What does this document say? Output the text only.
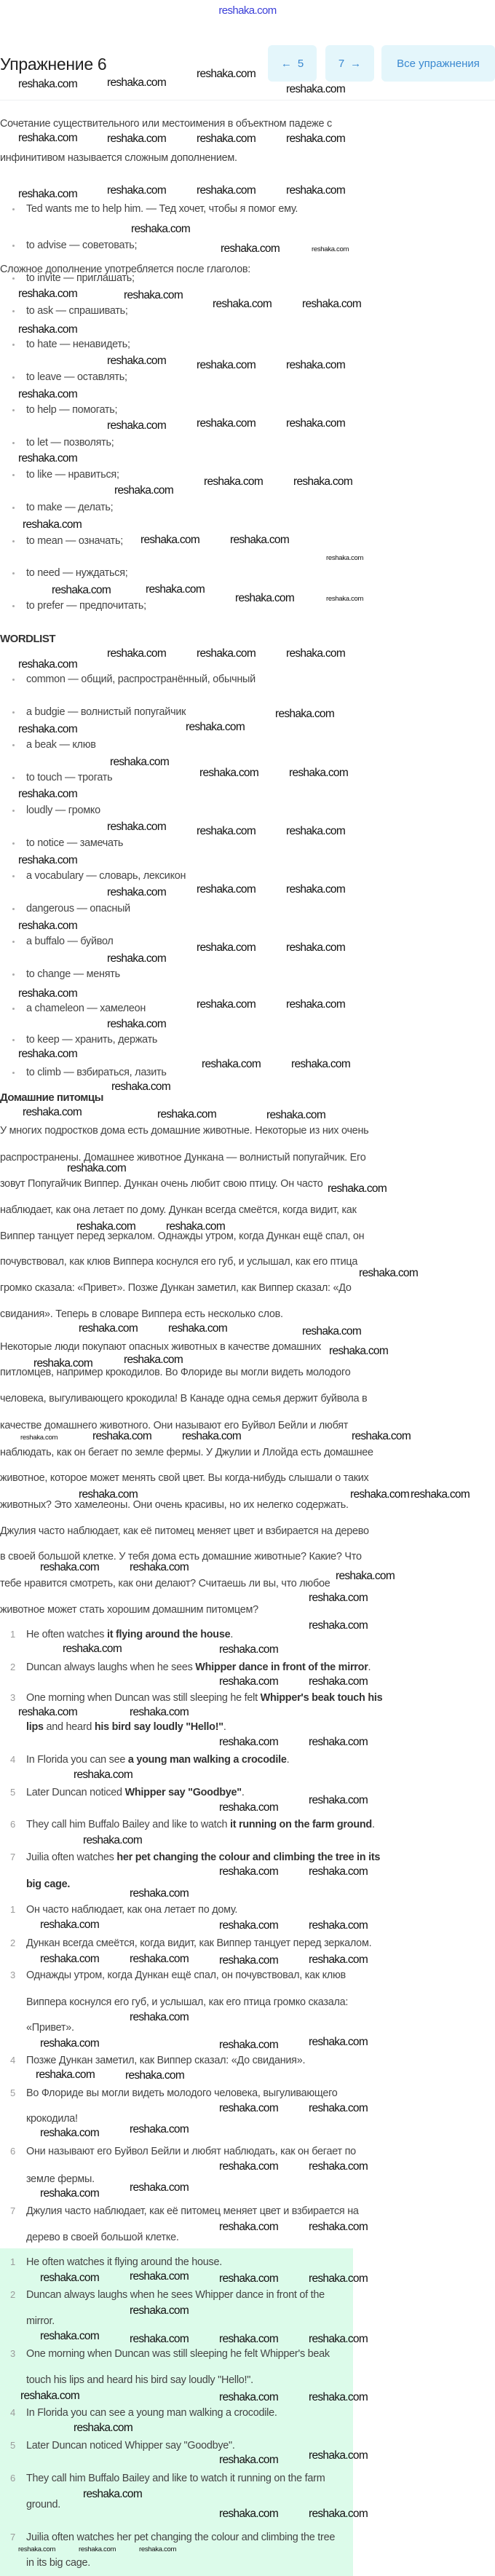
reshaka.com
Упражнение 6	← 5	7 →	Все упражнения
Сочетание существительного или местоимения в объектном падеже с
инфинитивом называется сложным дополнением.
Ted wants me to help him. — Тед хочет, чтобы я помог ему.
Сложное дополнение употребляется после глаголов:
to advise — советовать;
to invite — приглашать;
to ask — спрашивать;
to hate — ненавидеть;
to leave — оставлять;
to help — помогать;
to let — позволять;
to like — нравиться;
to make — делать;
to mean — означать;
to need — нуждаться;
to prefer — предпочитать;
WORDLIST
common — общий, распространённый, обычный
a budgie — волнистый попугайчик
a beak — клюв
to touch — трогать
loudly — громко
to notice — замечать
a vocabulary — словарь, лексикон
dangerous — опасный
a buffalo — буйвол
to change — менять
a chameleon — хамелеон
to keep — хранить, держать
to climb — взбираться, лазить
Домашние питомцы
У многих подростков дома есть домашние животные. Некоторые из них очень
распространены. Домашнее животное Дункана — волнистый попугайчик. Его
зовут Попугайчик Виппер. Дункан очень любит свою птицу. Он часто
наблюдает, как она летает по дому. Дункан всегда смеётся, когда видит, как
Виппер танцует перед зеркалом. Однажды утром, когда Дункан ещё спал, он
почувствовал, как клюв Виппера коснулся его губ, и услышал, как его птица
громко сказала: «Привет». Позже Дункан заметил, как Виппер сказал: «До
свидания». Теперь в словаре Виппера есть несколько слов.
Некоторые люди покупают опасных животных в качестве домашних
питломцев, например крокодилов. Во Флориде вы могли видеть молодого
человека, выгуливающего крокодила! В Канаде одна семья держит буйвола в
качестве домашнего животного. Они называют его Буйвол Бейли и любят
наблюдать, как он бегает по земле фермы. У Джулии и Ллойда есть домашнее
животное, которое может менять свой цвет. Вы когда-нибудь слышали о таких
животных? Это хамелеоны. Они очень красивы, но их нелегко содержать.
Джулия часто наблюдает, как её питомец меняет цвет и взбирается на дерево
в своей большой клетке. У тебя дома есть домашние животные? Какие? Что
тебе нравится смотреть, как они делают? Считаешь ли вы, что любое
животное может стать хорошим домашним питомцем?
1 He often watches it flying around the house.
2 Duncan always laughs when he sees Whipper dance in front of the mirror.
3 One morning when Duncan was still sleeping he felt Whipper's beak touch his
lips and heard his bird say loudly "Hello!".
4 In Florida you can see a young man walking a crocodile.
5 Later Duncan noticed Whipper say "Goodbye".
6 They call him Buffalo Bailey and like to watch it running on the farm ground.
7 Juilia often watches her pet changing the colour and climbing the tree in its
big cage.
1 Он часто наблюдает, как она летает по дому.
2 Дункан всегда смеётся, когда видит, как Виппер танцует перед зеркалом.
3 Однажды утром, когда Дункан ещё спал, он почувствовал, как клюв
Виппера коснулся его губ, и услышал, как его птица громко сказала:
«Привет».
4 Позже Дункан заметил, как Виппер сказал: «До свидания».
5 Во Флориде вы могли видеть молодого человека, выгуливающего
крокодила!
6 Они называют его Буйвол Бейли и любят наблюдать, как он бегает по
земле фермы.
7 Джулия часто наблюдает, как её питомец меняет цвет и взбирается на
дерево в своей большой клетке.
1 He often watches it flying around the house.
2 Duncan always laughs when he sees Whipper dance in front of the
mirror.
3 One morning when Duncan was still sleeping he felt Whipper's beak
touch his lips and heard his bird say loudly "Hello!".
4 In Florida you can see a young man walking a crocodile.
5 Later Duncan noticed Whipper say "Goodbye".
6 They call him Buffalo Bailey and like to watch it running on the farm
ground.
7 Juilia often watches her pet changing the colour and climbing the tree
in its big cage.
reshaka.com	reshaka.com
reshaka.com
reshaka.com
reshaka.com	reshaka.com	reshaka.com	reshaka.com
reshaka.com	reshaka.com	reshaka.com	reshaka.com
reshaka.com
reshaka.com	reshaka.com
reshaka.com	reshaka.com
reshaka.com	reshaka.com
reshaka.com
reshaka.com	reshaka.com	reshaka.com
reshaka.com
reshaka.com	reshaka.com	reshaka.com
reshaka.com
reshaka.com
reshaka.com	reshaka.com
reshaka.com
reshaka.com	reshaka.com
reshaka.com
reshaka.com	reshaka.com
reshaka.com	reshaka.com
reshaka.com	reshaka.com	reshaka.com
reshaka.com
reshaka.com
reshaka.com
reshaka.com
reshaka.com
reshaka.com	reshaka.com
reshaka.com
reshaka.com	reshaka.com	reshaka.com
reshaka.com
reshaka.com	reshaka.com	reshaka.com
reshaka.com
reshaka.com	reshaka.com
reshaka.com
reshaka.com
reshaka.com	reshaka.com
reshaka.com
reshaka.com
reshaka.com	reshaka.com
reshaka.com
reshaka.com	reshaka.com
reshaka.com
reshaka.com
reshaka.com
reshaka.com	reshaka.com
reshaka.com
reshaka.com	reshaka.com	reshaka.com
reshaka.com	reshaka.com
reshaka.com
reshaka.com	reshaka.com	reshaka.com	reshaka.com
reshaka.com	reshaka.com reshaka.com
reshaka.com	reshaka.com
reshaka.com
reshaka.com
reshaka.com
reshaka.com
reshaka.com
reshaka.com	reshaka.com
reshaka.com	reshaka.com
reshaka.com	reshaka.com
reshaka.com
reshaka.com
reshaka.com
reshaka.com
reshaka.com	reshaka.com
reshaka.com
reshaka.com
reshaka.com	reshaka.com
reshaka.com	reshaka.com	reshaka.com	reshaka.com
reshaka.com
reshaka.com
reshaka.com	reshaka.com
reshaka.com	reshaka.com
reshaka.com	reshaka.com
reshaka.com	reshaka.com
reshaka.com	reshaka.com
reshaka.com	reshaka.com
reshaka.com	reshaka.com
reshaka.com	reshaka.com	reshaka.com	reshaka.com
reshaka.com
reshaka.com
reshaka.com	reshaka.com
reshaka.com
reshaka.com
reshaka.com	reshaka.com
reshaka.com
reshaka.com	reshaka.com
reshaka.com
reshaka.com	reshaka.com
reshaka.com	reshaka.com	reshaka.com
